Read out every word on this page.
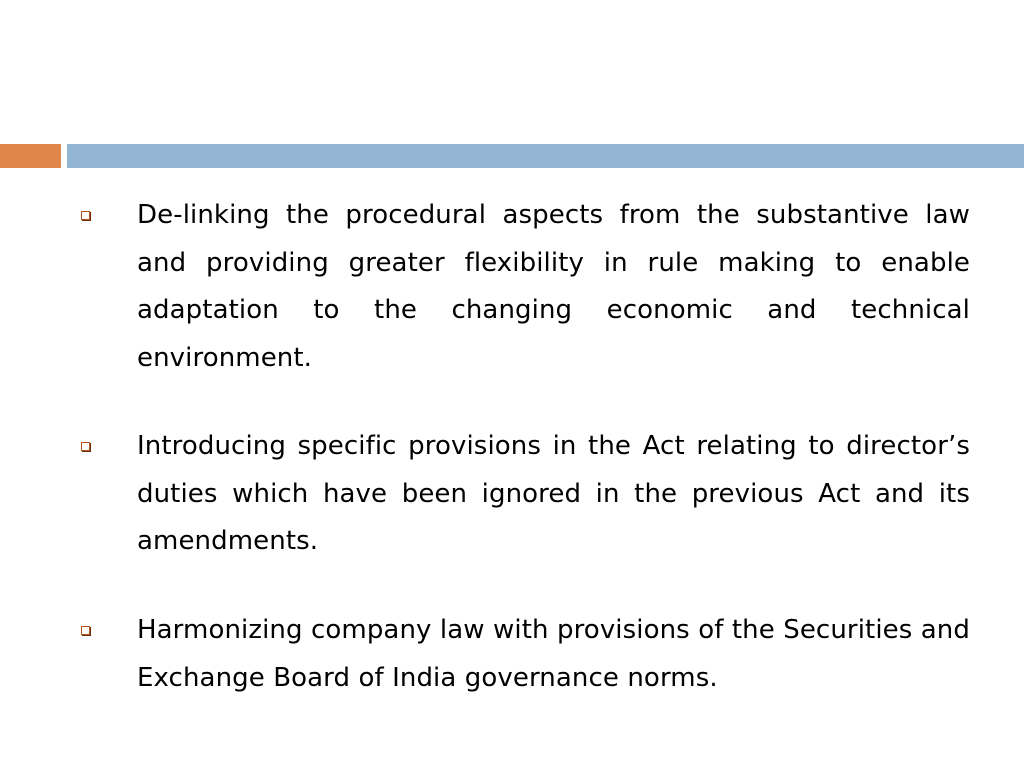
De-linking the procedural aspects from the substantive law and providing greater flexibility in rule making to enable adaptation to the changing economic and technical environment.

Introducing specific provisions in the Act relating to director’s duties which have been ignored in the previous Act and its amendments.

Harmonizing company law with provisions of the Securities and Exchange Board of India governance norms.
